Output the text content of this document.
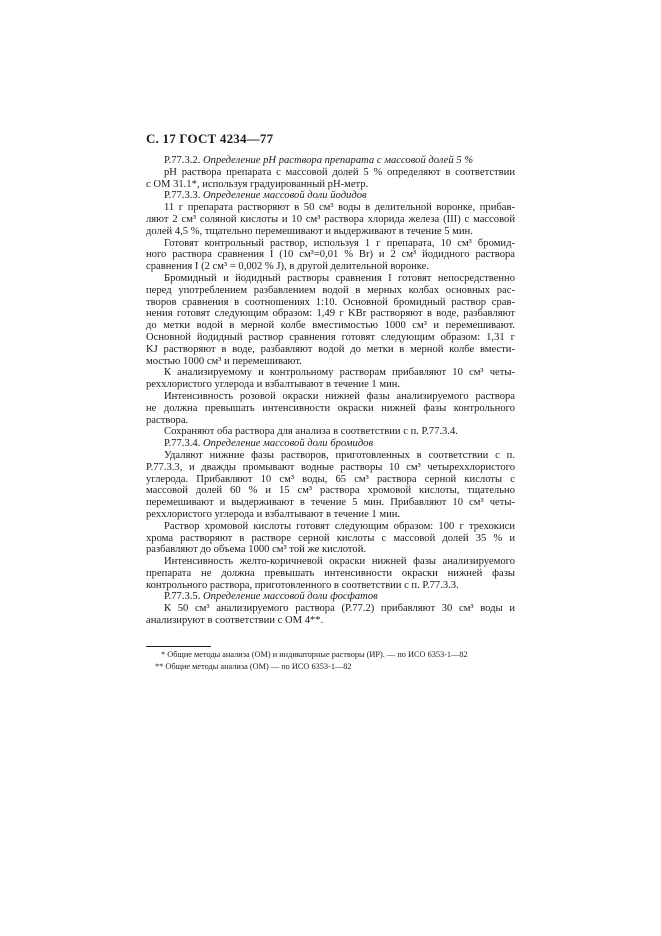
С. 17 ГОСТ 4234—77
Р.77.3.2. Определение pH раствора препарата с массовой долей 5 %
pH раствора препарата с массовой долей 5 % определяют в соответствии
с ОМ 31.1*, используя градуированный pH-метр.
Р.77.3.3. Определение массовой доли йодидов
11 г препарата растворяют в 50 см³ воды в делительной воронке, прибав-
ляют 2 см³ соляной кислоты и 10 см³ раствора хлорида железа (III) с массовой
долей 4,5 %, тщательно перемешивают и выдерживают в течение 5 мин.
Готовят контрольный раствор, используя 1 г препарата, 10 см³ бромид-
ного раствора сравнения I (10 см³=0,01 % Br) и 2 см³ йодидного раствора
сравнения I (2 см³ = 0,002 % J), в другой делительной воронке.
Бромидный и йодидный растворы сравнения I готовят непосредственно
перед употреблением разбавлением водой в мерных колбах основных рас-
творов сравнения в соотношениях 1:10. Основной бромидный раствор срав-
нения готовят следующим образом: 1,49 г KBr растворяют в воде, разбавляют
до метки водой в мерной колбе вместимостью 1000 см³ и перемешивают.
Основной йодидный раствор сравнения готовят следующим образом: 1,31 г
KJ растворяют в воде, разбавляют водой до метки в мерной колбе вмести-
мостью 1000 см³ и перемешивают.
К анализируемому и контрольному растворам прибавляют 10 см³ четы-
реххлористого углерода и взбалтывают в течение 1 мин.
Интенсивность розовой окраски нижней фазы анализируемого раствора
не должна превышать интенсивности окраски нижней фазы контрольного
раствора.
Сохраняют оба раствора для анализа в соответствии с п. Р.77.3.4.
Р.77.3.4. Определение массовой доли бромидов
Удаляют нижние фазы растворов, приготовленных в соответствии с п.
Р.77.3.3, и дважды промывают водные растворы 10 см³ четыреххлористого
углерода. Прибавляют 10 см³ воды, 65 см³ раствора серной кислоты с
массовой долей 60 % и 15 см³ раствора хромовой кислоты, тщательно
перемешивают и выдерживают в течение 5 мин. Прибавляют 10 см³ четы-
реххлористого углерода и взбалтывают в течение 1 мин.
Раствор хромовой кислоты готовят следующим образом: 100 г трехокиси
хрома растворяют в растворе серной кислоты с массовой долей 35 % и
разбавляют до объема 1000 см³ той же кислотой.
Интенсивность желто-коричневой окраски нижней фазы анализируемого
препарата не должна превышать интенсивности окраски нижней фазы
контрольного раствора, приготовленного в соответствии с п. Р.77.3.3.
Р.77.3.5. Определение массовой доли фосфатов
К 50 см³ анализируемого раствора (Р.77.2) прибавляют 30 см³ воды и
анализируют в соответствии с ОМ 4**.
* Общие методы анализа (ОМ) и индикаторные растворы (ИР). — по ИСО 6353-1—82
** Общие методы анализа (ОМ) — по ИСО 6353-1—82
